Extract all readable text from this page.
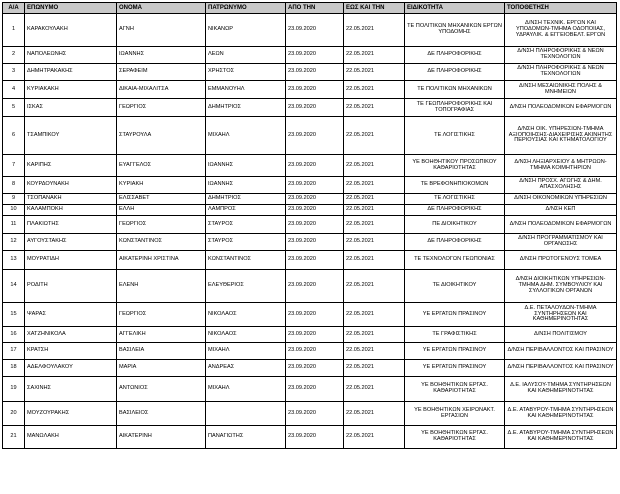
Α/Α	ΕΠΩΝΥΜΟ	ΟΝΟΜΑ	ΠΑΤΡΩΝΥΜΟ	ΑΠΟ ΤΗΝ	ΕΩΣ ΚΑΙ ΤΗΝ	ΕΙΔΙΚΟΤΗΤΑ	ΤΟΠΟΘΕΤΗΣΗ
1	ΚΑΡΑΚΟΥΛΑΚΗ	ΑΓΝΗ	ΝΙΚΑΝΩΡ	23.09.2020	22.05.2021	ΤΕ ΠΟΛΙΤΙΚΩΝ ΜΗΧΑΝΙΚΩΝ ΕΡΓΩΝ ΥΠΟΔΟΜΗΣ	Δ/ΝΣΗ ΤΕΧΝΙΚ. ΕΡΓΩΝ ΚΑΙ ΥΠΟΔΟΜΩΝ-ΤΜΗΜΑ ΟΔΟΠΟΙΙΑΣ, ΥΔΡΑΥΛΙΚ. & ΕΓΓΕΙΟΒΕΛΤ. ΕΡΓΩΝ
2	ΝΑΠΟΛΕΩΝΗΣ	ΙΩΑΝΝΗΣ	ΛΕΩΝ	23.09.2020	22.05.2021	ΔΕ ΠΛΗΡΟΦΟΡΙΚΗΣ	Δ/ΝΣΗ ΠΛΗΡΟΦΟΡΙΚΗΣ & ΝΕΩΝ ΤΕΧΝΟΛΟΓΙΩΝ
3	ΔΗΜΗΤΡΑΚΑΚΗΣ	ΣΕΡΑΦΕΙΜ	ΧΡΗΣΤΟΣ	23.09.2020	22.05.2021	ΔΕ ΠΛΗΡΟΦΟΡΙΚΗΣ	Δ/ΝΣΗ ΠΛΗΡΟΦΟΡΙΚΗΣ & ΝΕΩΝ ΤΕΧΝΟΛΟΓΙΩΝ
4	ΚΥΡΙΑΚΑΚΗ	ΔΙΚΑΙΑ-ΜΙΧΑΛΙΤΣΑ	ΕΜΜΑΝΟΥΗΛ	23.09.2020	22.05.2021	ΤΕ ΠΟΛΙΤΙΚΩΝ ΜΗΧΑΝΙΚΩΝ	Δ/ΝΣΗ ΜΕΣΑΙΩΝΙΚΗΣ ΠΟΛΗΣ & ΜΝΗΜΕΙΩΝ
5	ΙΣΚΑΣ	ΓΕΩΡΓΙΟΣ	ΔΗΜΗΤΡΙΟΣ	23.09.2020	22.05.2021	ΤΕ ΓΕΩΠΛΗΡΟΦΟΡΙΚΗΣ ΚΑΙ ΤΟΠΟΓΡΑΦΙΑΣ	Δ/ΝΣΗ ΠΟΛΕΟΔΟΜΙΚΩΝ ΕΦΑΡΜΟΓΩΝ
6	ΤΣΑΜΠΙΚΟΥ	ΣΤΑΥΡΟΥΛΑ	ΜΙΧΑΗΛ	23.09.2020	22.05.2021	ΤΕ ΛΟΓΙΣΤΙΚΗΣ	Δ/ΝΣΗ ΟΙΚ. ΥΠΗΡΕΣΙΩΝ-ΤΜΗΜΑ ΑΞΙΟΠΟΙΗΣΗΣ-ΔΙΑΧΕΙΡΙΣΗΣ ΑΚΙΝΗΤΗΣ ΠΕΡΙΟΥΣΙΑΣ ΚΑΙ ΚΤΗΜΑΤΟΛΟΓΙΟΥ
7	ΚΑΡΙΠΗΣ	ΕΥΑΓΓΕΛΟΣ	ΙΩΑΝΝΗΣ	23.09.2020	22.05.2021	ΥΕ ΒΟΗΘΗΤΙΚΟΥ ΠΡΟΣΩΠΙΚΟΥ ΚΑΘΑΡΙΟΤΗΤΑΣ	Δ/ΝΣΗ ΛΗΞΙΑΡΧΕΙΟΥ & ΜΗΤΡΩΩΝ-ΤΜΗΜΑ ΚΟΙΜΗΤΗΡΙΩΝ
8	ΚΟΥΡΔΟΥΝΑΚΗ	ΚΥΡΙΑΚΗ	ΙΩΑΝΝΗΣ	23.09.2020	22.05.2021	ΤΕ ΒΡΕΦΟΝΗΠΙΟΚΟΜΩΝ	Δ/ΝΣΗ ΠΡΟΣΧ. ΑΓΩΓΗΣ & ΔΗΜ. ΑΠΑΣΧΟΛΗΣΗΣ
9	ΤΣΟΠΑΝΑΚΗ	ΕΛΙΣΣΑΒΕΤ	ΔΗΜΗΤΡΙΟΣ	23.09.2020	22.05.2021	ΤΕ ΛΟΓΙΣΤΙΚΗΣ	Δ/ΝΣΗ ΟΙΚΟΝΟΜΙΚΩΝ ΥΠΗΡΕΣΙΩΝ
10	ΚΑΛΑΜΠΟΚΗ	ΕΛΛΗ	ΛΑΜΠΡΟΣ	23.09.2020	22.05.2021	ΔΕ ΠΛΗΡΟΦΟΡΙΚΗΣ	Δ/ΝΣΗ ΚΕΠ
11	ΠΛΑΚΙΩΤΗΣ	ΓΕΩΡΓΙΟΣ	ΣΤΑΥΡΟΣ	23.09.2020	22.05.2021	ΠΕ ΔΙΟΙΚΗΤΙΚΟΥ	Δ/ΝΣΗ ΠΟΛΕΟΔΟΜΙΚΩΝ ΕΦΑΡΜΟΓΩΝ
12	ΑΥΓΟΥΣΤΑΚΗΣ	ΚΩΝΣΤΑΝΤΙΝΟΣ	ΣΤΑΥΡΟΣ	23.09.2020	22.05.2021	ΔΕ ΠΛΗΡΟΦΟΡΙΚΗΣ	Δ/ΝΣΗ ΠΡΟΓΡΑΜΜΑΤΙΣΜΟΥ ΚΑΙ ΟΡΓΑΝΩΣΗΣ
13	ΜΟΥΡΑΤΙΔΗ	ΑΙΚΑΤΕΡΙΝΗ ΧΡΙΣΤΙΝΑ	ΚΩΝΣΤΑΝΤΙΝΟΣ	23.09.2020	22.05.2021	ΤΕ ΤΕΧΝΟΛΟΓΩΝ ΓΕΩΠΟΝΙΑΣ	Δ/ΝΣΗ ΠΡΩΤΟΓΕΝΟΥΣ ΤΟΜΕΑ
14	ΡΟΔΙΤΗ	ΕΛΕΝΗ	ΕΛΕΥΘΕΡΙΟΣ	23.09.2020	22.05.2021	ΤΕ ΔΙΟΙΚΗΤΙΚΟΥ	Δ/ΝΣΗ ΔΙΟΙΚΗΤΙΚΩΝ ΥΠΗΡΕΣΙΩΝ-ΤΜΗΜΑ ΔΗΜ. ΣΥΜΒΟΥΛΙΟΥ ΚΑΙ ΣΥΛΛΟΓΙΚΩΝ ΟΡΓΑΝΩΝ
15	ΨΑΡΑΣ	ΓΕΩΡΓΙΟΣ	ΝΙΚΟΛΑΟΣ	23.09.2020	22.05.2021	ΥΕ ΕΡΓΑΤΩΝ ΠΡΑΣΙΝΟΥ	Δ.Ε. ΠΕΤΑΛΟΥΔΩΝ-ΤΜΗΜΑ ΣΥΝΤΗΡΗΣΕΩΝ ΚΑΙ ΚΑΘΗΜΕΡΙΝΟΤΗΤΑΣ
16	ΧΑΤΖΗΝΙΚΟΛΑ	ΑΓΓΕΛΙΚΗ	ΝΙΚΟΛΑΟΣ	23.09.2020	22.05.2021	ΤΕ ΓΡΑΦΙΣΤΙΚΗΣ	Δ/ΝΣΗ ΠΟΛΙΤΙΣΜΟΥ
17	ΚΡΑΤΣΗ	ΒΑΣΙΛΕΙΑ	ΜΙΧΑΗΛ	23.09.2020	22.05.2021	ΥΕ ΕΡΓΑΤΩΝ ΠΡΑΣΙΝΟΥ	Δ/ΝΣΗ ΠΕΡΙΒΑΛΛΟΝΤΟΣ ΚΑΙ ΠΡΑΣΙΝΟΥ
18	ΑΔΕΛΦΟΥΛΑΚΟΥ	ΜΑΡΙΑ	ΑΝΔΡΕΑΣ	23.09.2020	22.05.2021	ΥΕ ΕΡΓΑΤΩΝ ΠΡΑΣΙΝΟΥ	Δ/ΝΣΗ ΠΕΡΙΒΑΛΛΟΝΤΟΣ ΚΑΙ ΠΡΑΣΙΝΟΥ
19	ΣΑΧΙΝΗΣ	ΑΝΤΩΝΙΟΣ	ΜΙΧΑΗΛ	23.09.2020	22.05.2021	ΥΕ ΒΟΗΘΗΤΙΚΩΝ ΕΡΓΑΣ. ΚΑΘΑΡΙΟΤΗΤΑΣ	Δ.Ε. ΙΑΛΥΣΟΥ-ΤΜΗΜΑ ΣΥΝΤΗΡΗΣΕΩΝ ΚΑΙ ΚΑΘΗΜΕΡΙΝΟΤΗΤΑΣ
20	ΜΟΥΖΟΥΡΑΚΗΣ	ΒΑΣΙΛΕΙΟΣ		23.09.2020	22.05.2021	ΥΕ ΒΟΗΘΗΤΙΚΩΝ ΧΕΙΡΩΝΑΚΤ. ΕΡΓΑΣΙΩΝ	Δ.Ε. ΑΤΑΒΥΡΟΥ-ΤΜΗΜΑ ΣΥΝΤΗΡΗΣΕΩΝ ΚΑΙ ΚΑΘΗΜΕΡΙΝΟΤΗΤΑΣ
21	ΜΑΝΩΛΑΚΗ	ΑΙΚΑΤΕΡΙΝΗ	ΠΑΝΑΓΙΩΤΗΣ	23.09.2020	22.05.2021	ΥΕ ΒΟΗΘΗΤΙΚΩΝ ΕΡΓΑΣ. ΚΑΘΑΡΙΟΤΗΤΑΣ	Δ.Ε. ΑΤΑΒΥΡΟΥ-ΤΜΗΜΑ ΣΥΝΤΗΡΗΣΕΩΝ ΚΑΙ ΚΑΘΗΜΕΡΙΝΟΤΗΤΑΣ
